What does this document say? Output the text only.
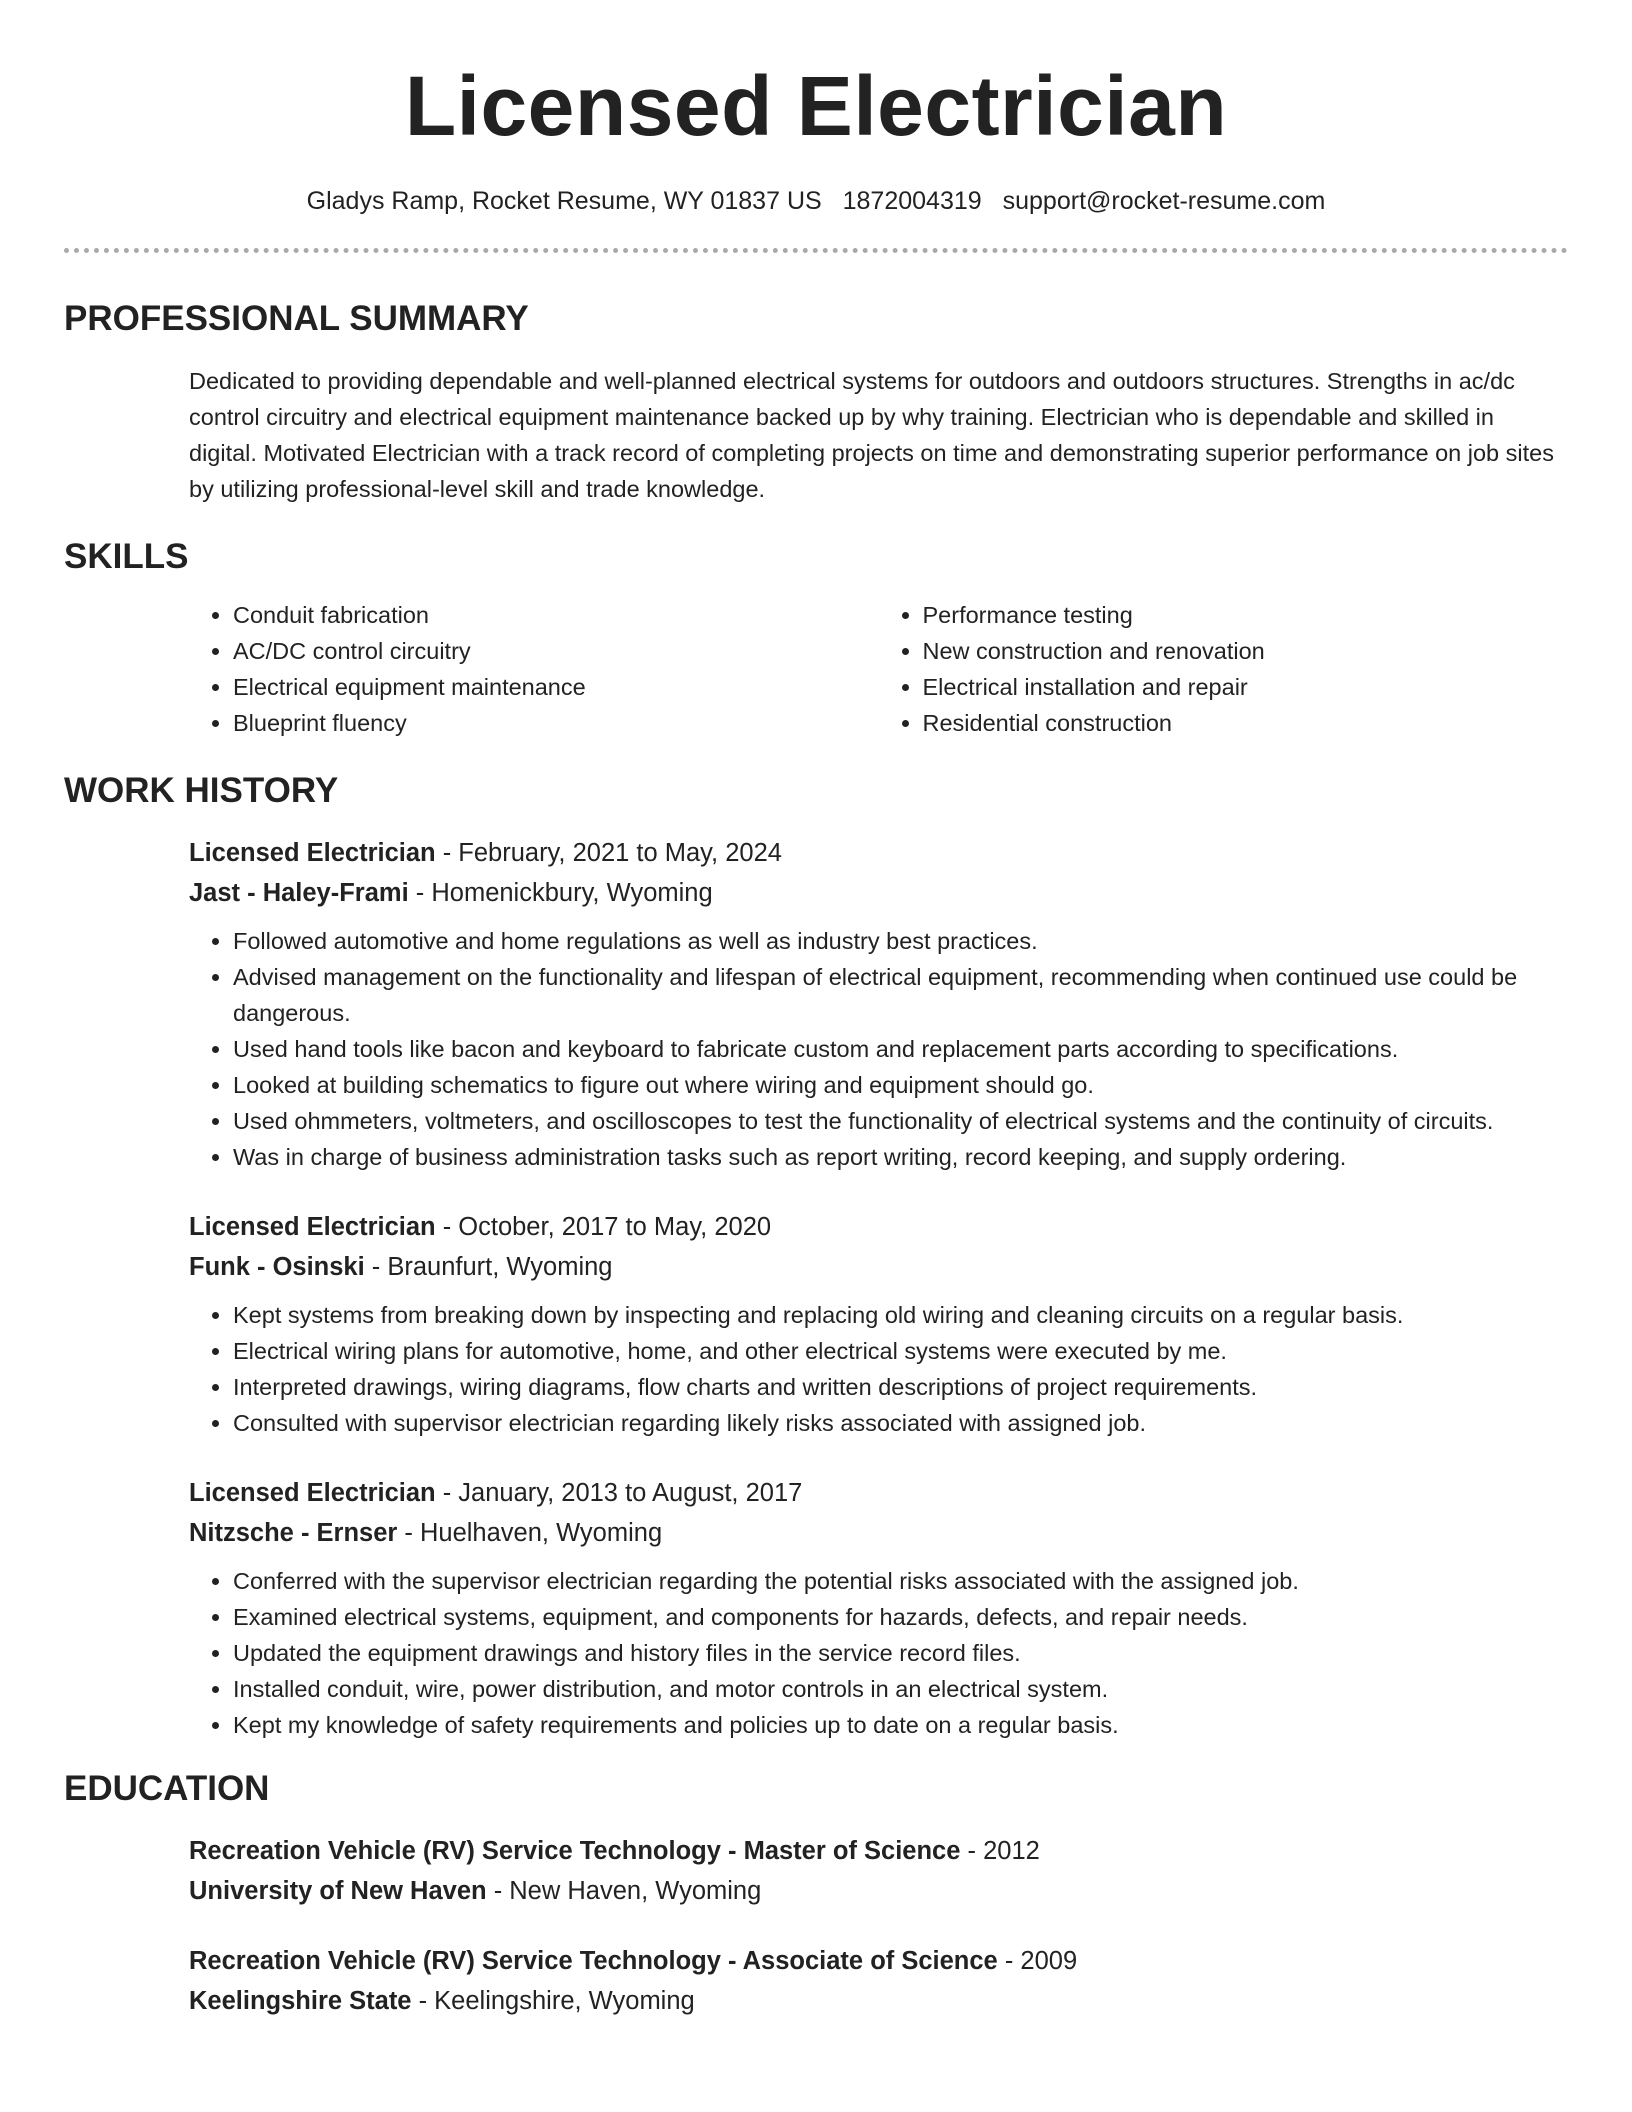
Licensed Electrician
Gladys Ramp, Rocket Resume, WY 01837 US 1872004319 support@rocket-resume.com
PROFESSIONAL SUMMARY
Dedicated to providing dependable and well-planned electrical systems for outdoors and outdoors structures. Strengths in ac/dc control circuitry and electrical equipment maintenance backed up by why training. Electrician who is dependable and skilled in digital. Motivated Electrician with a track record of completing projects on time and demonstrating superior performance on job sites by utilizing professional-level skill and trade knowledge.
SKILLS
• Conduit fabrication
• AC/DC control circuitry
• Electrical equipment maintenance
• Blueprint fluency
• Performance testing
• New construction and renovation
• Electrical installation and repair
• Residential construction
WORK HISTORY
Licensed Electrician - February, 2021 to May, 2024
Jast - Haley-Frami - Homenickbury, Wyoming
• Followed automotive and home regulations as well as industry best practices.
• Advised management on the functionality and lifespan of electrical equipment, recommending when continued use could be dangerous.
• Used hand tools like bacon and keyboard to fabricate custom and replacement parts according to specifications.
• Looked at building schematics to figure out where wiring and equipment should go.
• Used ohmmeters, voltmeters, and oscilloscopes to test the functionality of electrical systems and the continuity of circuits.
• Was in charge of business administration tasks such as report writing, record keeping, and supply ordering.
Licensed Electrician - October, 2017 to May, 2020
Funk - Osinski - Braunfurt, Wyoming
• Kept systems from breaking down by inspecting and replacing old wiring and cleaning circuits on a regular basis.
• Electrical wiring plans for automotive, home, and other electrical systems were executed by me.
• Interpreted drawings, wiring diagrams, flow charts and written descriptions of project requirements.
• Consulted with supervisor electrician regarding likely risks associated with assigned job.
Licensed Electrician - January, 2013 to August, 2017
Nitzsche - Ernser - Huelhaven, Wyoming
• Conferred with the supervisor electrician regarding the potential risks associated with the assigned job.
• Examined electrical systems, equipment, and components for hazards, defects, and repair needs.
• Updated the equipment drawings and history files in the service record files.
• Installed conduit, wire, power distribution, and motor controls in an electrical system.
• Kept my knowledge of safety requirements and policies up to date on a regular basis.
EDUCATION
Recreation Vehicle (RV) Service Technology - Master of Science - 2012
University of New Haven - New Haven, Wyoming
Recreation Vehicle (RV) Service Technology - Associate of Science - 2009
Keelingshire State - Keelingshire, Wyoming
